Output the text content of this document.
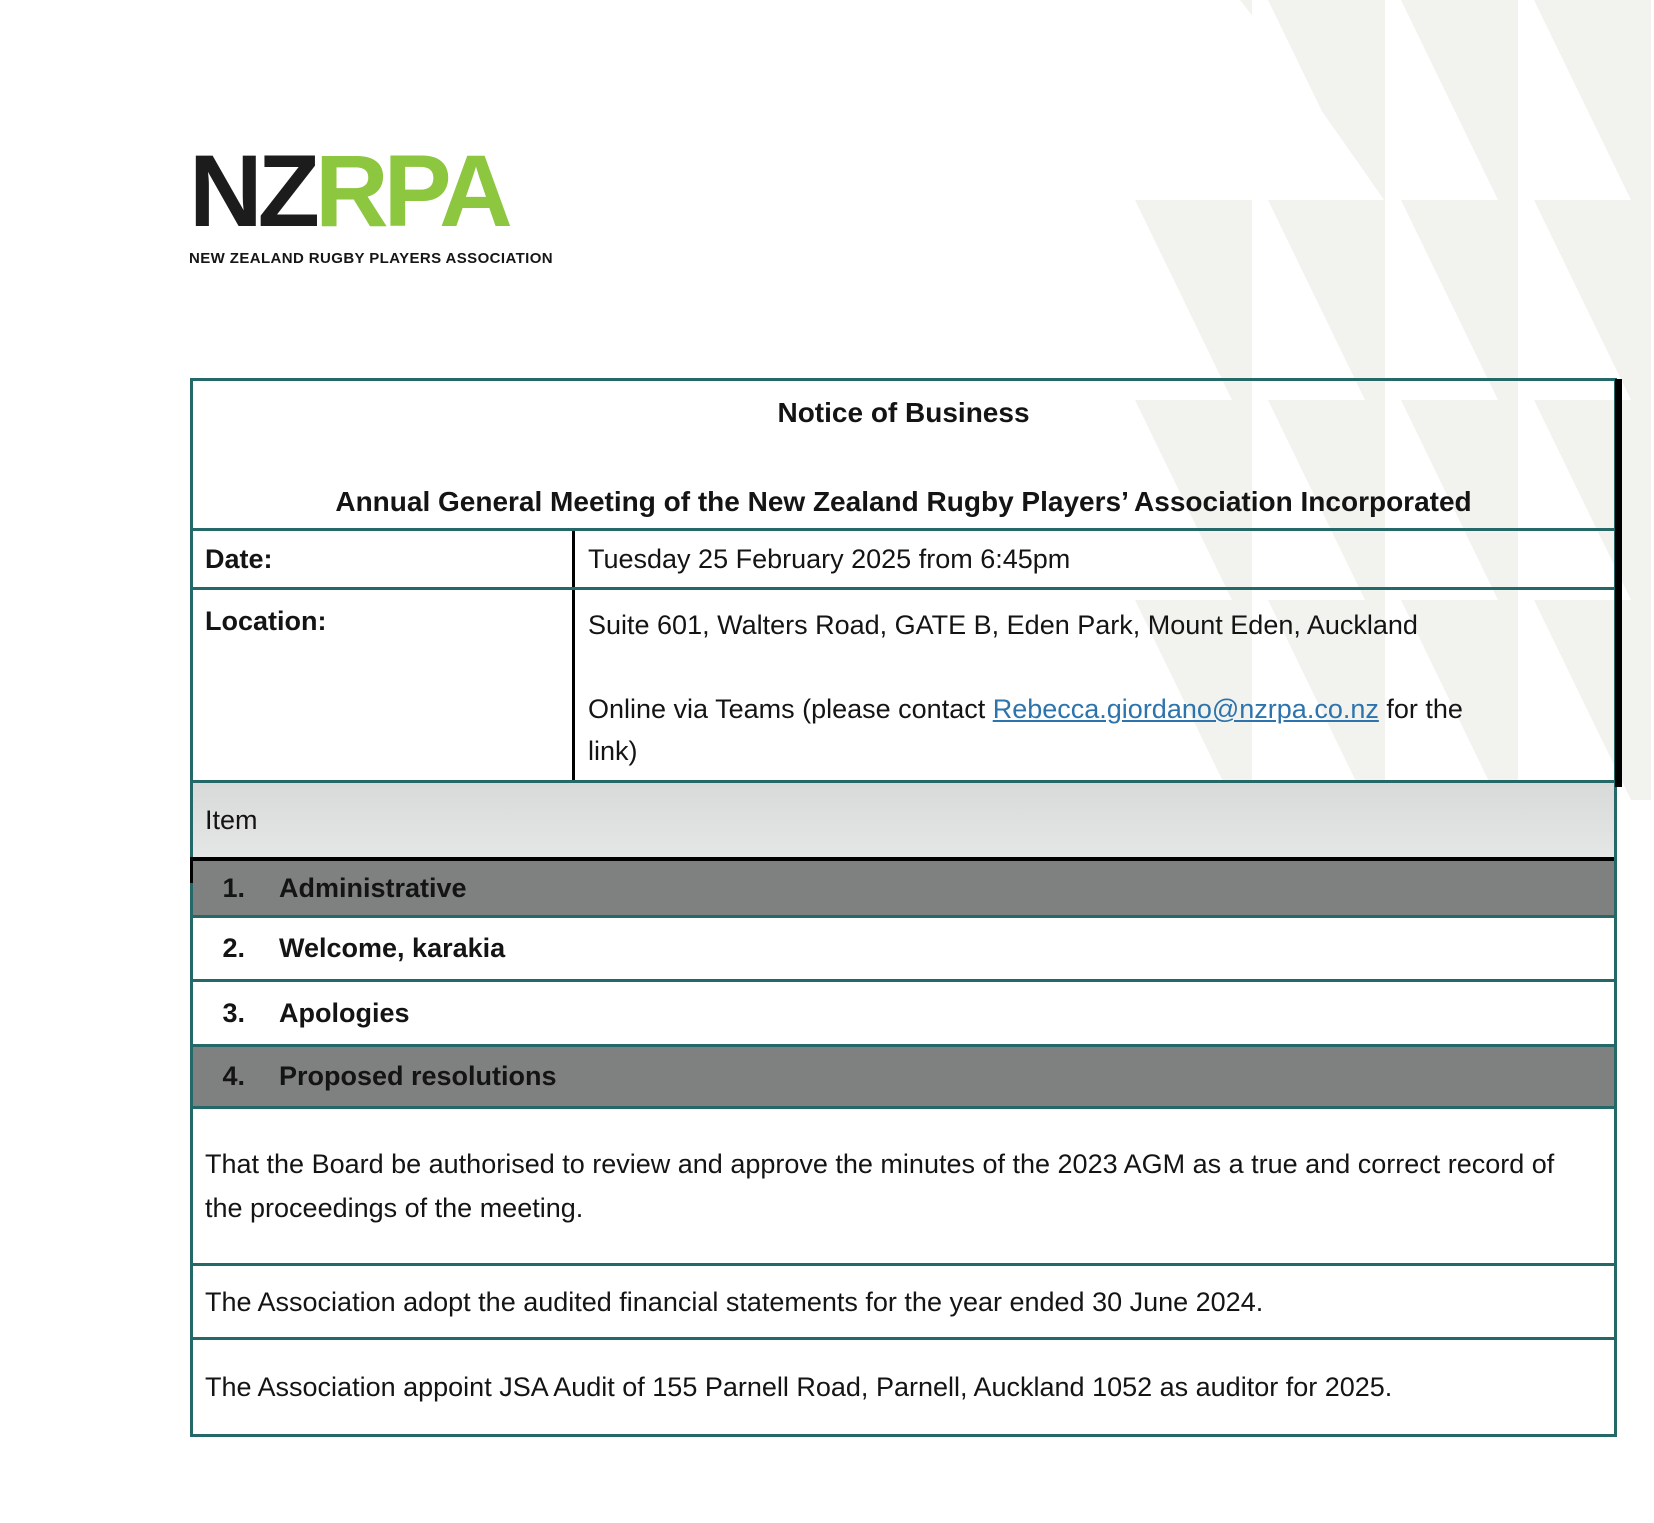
NZRPA
NEW ZEALAND RUGBY PLAYERS ASSOCIATION
Notice of Business
Annual General Meeting of the New Zealand Rugby Players’ Association Incorporated
Date:	Tuesday 25 February 2025 from 6:45pm
Location:	Suite 601, Walters Road, GATE B, Eden Park, Mount Eden, Auckland
Online via Teams (please contact Rebecca.giordano@nzrpa.co.nz for the
link)
Item
1. Administrative
2. Welcome, karakia
3. Apologies
4. Proposed resolutions
That the Board be authorised to review and approve the minutes of the 2023 AGM as a true and correct record of the proceedings of the meeting.
The Association adopt the audited financial statements for the year ended 30 June 2024.
The Association appoint JSA Audit of 155 Parnell Road, Parnell, Auckland 1052 as auditor for 2025.
